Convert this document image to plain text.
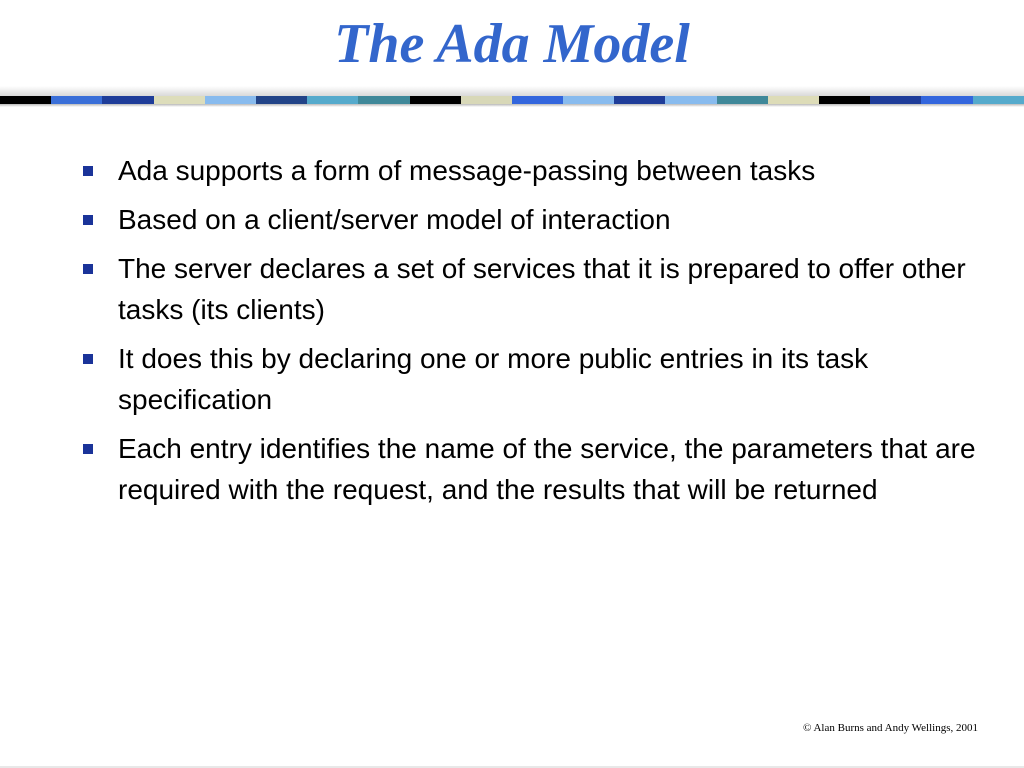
The Ada Model
Ada supports a form of message-passing between tasks
Based on a client/server model of interaction
The server declares a set of services that it is prepared to offer other tasks (its clients)
It does this by declaring one or more public entries in its task specification
Each entry identifies the name of the service, the parameters that are required with the request, and the results that will be returned
© Alan Burns and Andy Wellings, 2001
